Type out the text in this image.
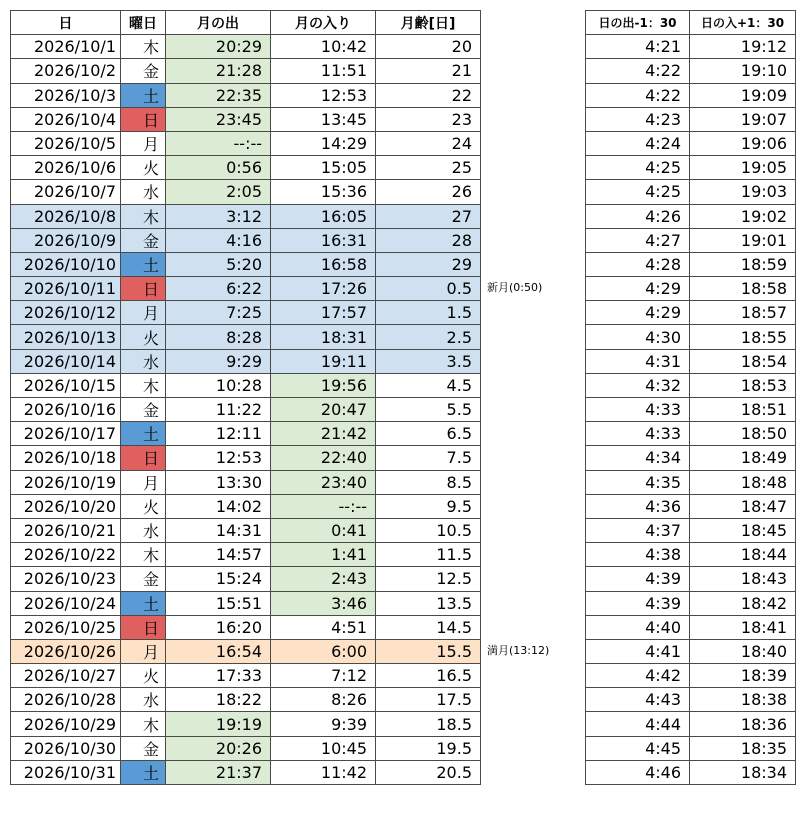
日	曜日	月の出	月の入り	月齢[日]
2026/10/1	木	20:29	10:42	20
2026/10/2	金	21:28	11:51	21
2026/10/3	土	22:35	12:53	22
2026/10/4	日	23:45	13:45	23
2026/10/5	月	--:--	14:29	24
2026/10/6	火	0:56	15:05	25
2026/10/7	水	2:05	15:36	26
2026/10/8	木	3:12	16:05	27
2026/10/9	金	4:16	16:31	28
2026/10/10	土	5:20	16:58	29
2026/10/11	日	6:22	17:26	0.5
2026/10/12	月	7:25	17:57	1.5
2026/10/13	火	8:28	18:31	2.5
2026/10/14	水	9:29	19:11	3.5
2026/10/15	木	10:28	19:56	4.5
2026/10/16	金	11:22	20:47	5.5
2026/10/17	土	12:11	21:42	6.5
2026/10/18	日	12:53	22:40	7.5
2026/10/19	月	13:30	23:40	8.5
2026/10/20	火	14:02	--:--	9.5
2026/10/21	水	14:31	0:41	10.5
2026/10/22	木	14:57	1:41	11.5
2026/10/23	金	15:24	2:43	12.5
2026/10/24	土	15:51	3:46	13.5
2026/10/25	日	16:20	4:51	14.5
2026/10/26	月	16:54	6:00	15.5
2026/10/27	火	17:33	7:12	16.5
2026/10/28	水	18:22	8:26	17.5
2026/10/29	木	19:19	9:39	18.5
2026/10/30	金	20:26	10:45	19.5
2026/10/31	土	21:37	11:42	20.5
新月(0:50)
満月(13:12)
日の出-1：30	日の入+1：30
4:21	19:12
4:22	19:10
4:22	19:09
4:23	19:07
4:24	19:06
4:25	19:05
4:25	19:03
4:26	19:02
4:27	19:01
4:28	18:59
4:29	18:58
4:29	18:57
4:30	18:55
4:31	18:54
4:32	18:53
4:33	18:51
4:33	18:50
4:34	18:49
4:35	18:48
4:36	18:47
4:37	18:45
4:38	18:44
4:39	18:43
4:39	18:42
4:40	18:41
4:41	18:40
4:42	18:39
4:43	18:38
4:44	18:36
4:45	18:35
4:46	18:34
